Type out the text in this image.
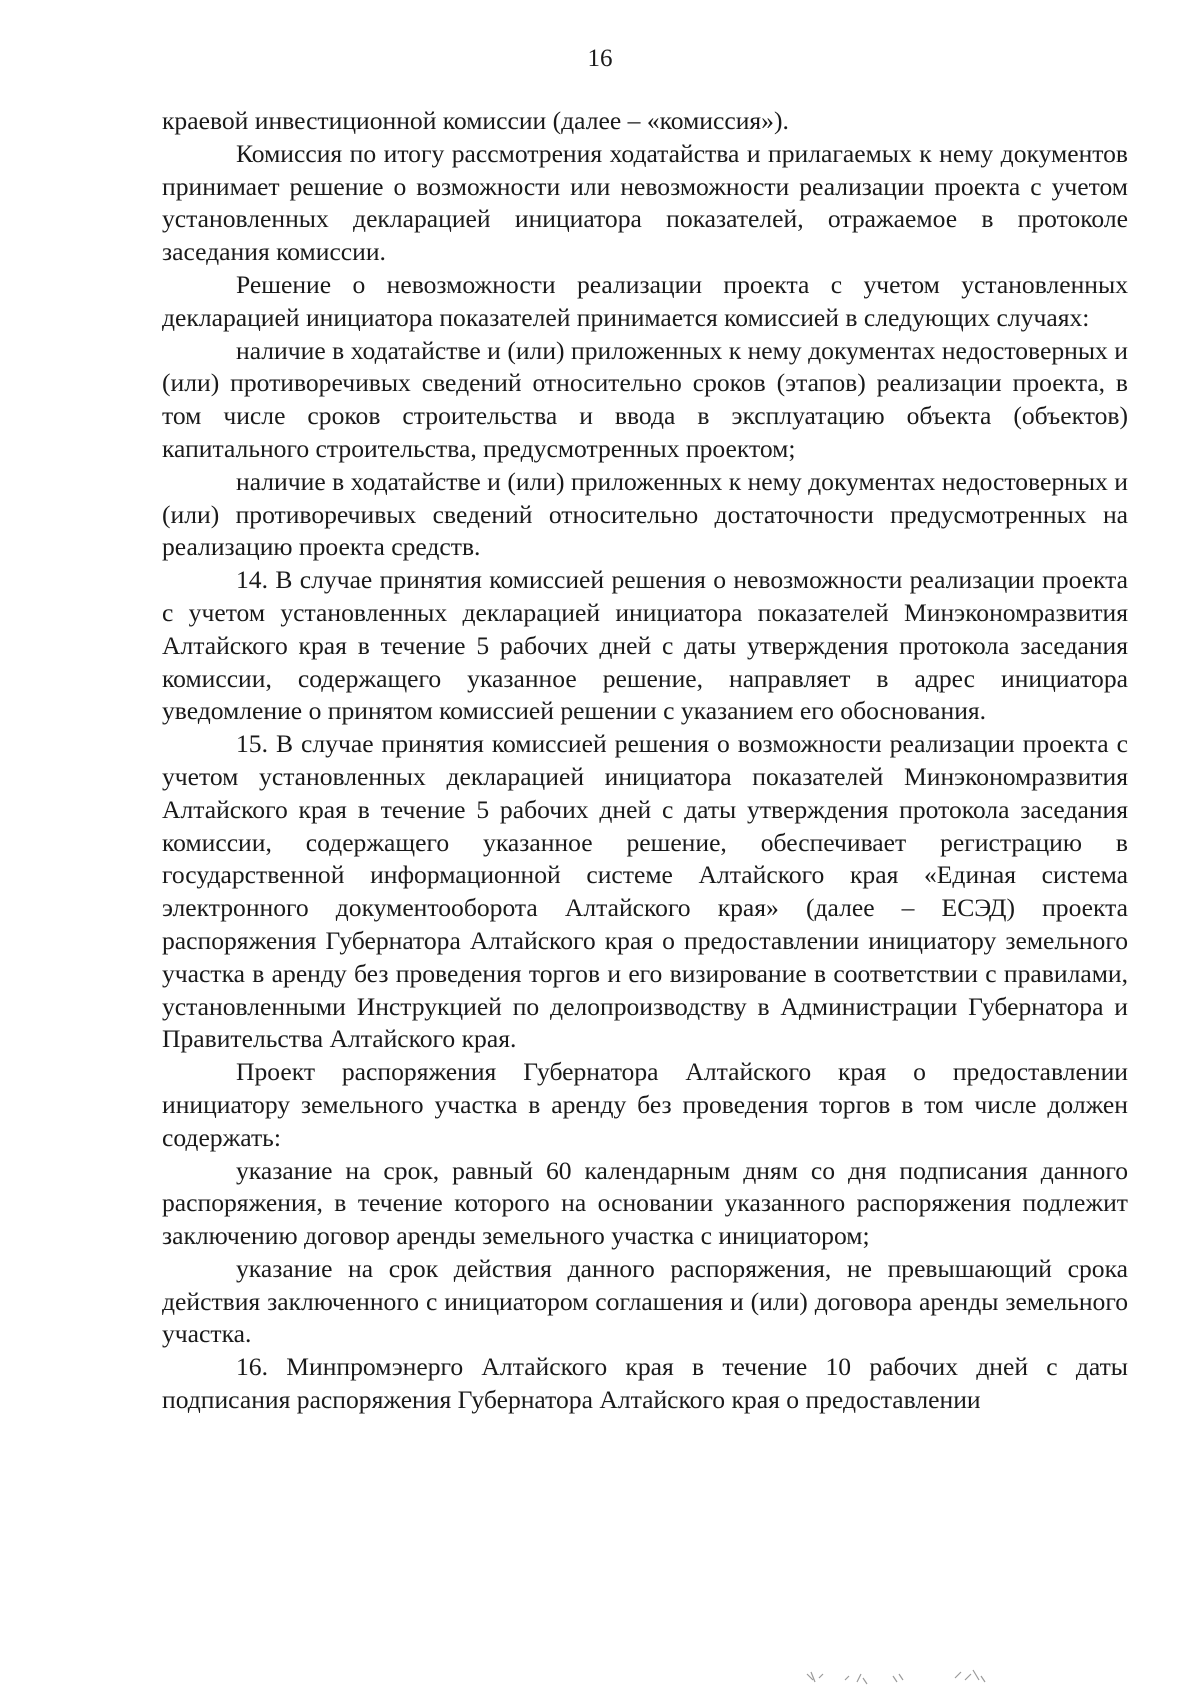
16

краевой инвестиционной комиссии (далее – «комиссия»).

Комиссия по итогу рассмотрения ходатайства и прилагаемых к нему документов принимает решение о возможности или невозможности реализации проекта с учетом установленных декларацией инициатора показателей, отражаемое в протоколе заседания комиссии.

Решение о невозможности реализации проекта с учетом установленных декларацией инициатора показателей принимается комиссией в следующих случаях:

наличие в ходатайстве и (или) приложенных к нему документах недостоверных и (или) противоречивых сведений относительно сроков (этапов) реализации проекта, в том числе сроков строительства и ввода в эксплуатацию объекта (объектов) капитального строительства, предусмотренных проектом;

наличие в ходатайстве и (или) приложенных к нему документах недостоверных и (или) противоречивых сведений относительно достаточности предусмотренных на реализацию проекта средств.

14. В случае принятия комиссией решения о невозможности реализации проекта с учетом установленных декларацией инициатора показателей Минэкономразвития Алтайского края в течение 5 рабочих дней с даты утверждения протокола заседания комиссии, содержащего указанное решение, направляет в адрес инициатора уведомление о принятом комиссией решении с указанием его обоснования.

15. В случае принятия комиссией решения о возможности реализации проекта с учетом установленных декларацией инициатора показателей Минэкономразвития Алтайского края в течение 5 рабочих дней с даты утверждения протокола заседания комиссии, содержащего указанное решение, обеспечивает регистрацию в государственной информационной системе Алтайского края «Единая система электронного документооборота Алтайского края» (далее – ЕСЭД) проекта распоряжения Губернатора Алтайского края о предоставлении инициатору земельного участка в аренду без проведения торгов и его визирование в соответствии с правилами, установленными Инструкцией по делопроизводству в Администрации Губернатора и Правительства Алтайского края.

Проект распоряжения Губернатора Алтайского края о предоставлении инициатору земельного участка в аренду без проведения торгов в том числе должен содержать:

указание на срок, равный 60 календарным дням со дня подписания данного распоряжения, в течение которого на основании указанного распоряжения подлежит заключению договор аренды земельного участка с инициатором;

указание на срок действия данного распоряжения, не превышающий срока действия заключенного с инициатором соглашения и (или) договора аренды земельного участка.

16. Минпромэнерго Алтайского края в течение 10 рабочих дней с даты подписания распоряжения Губернатора Алтайского края о предоставлении
